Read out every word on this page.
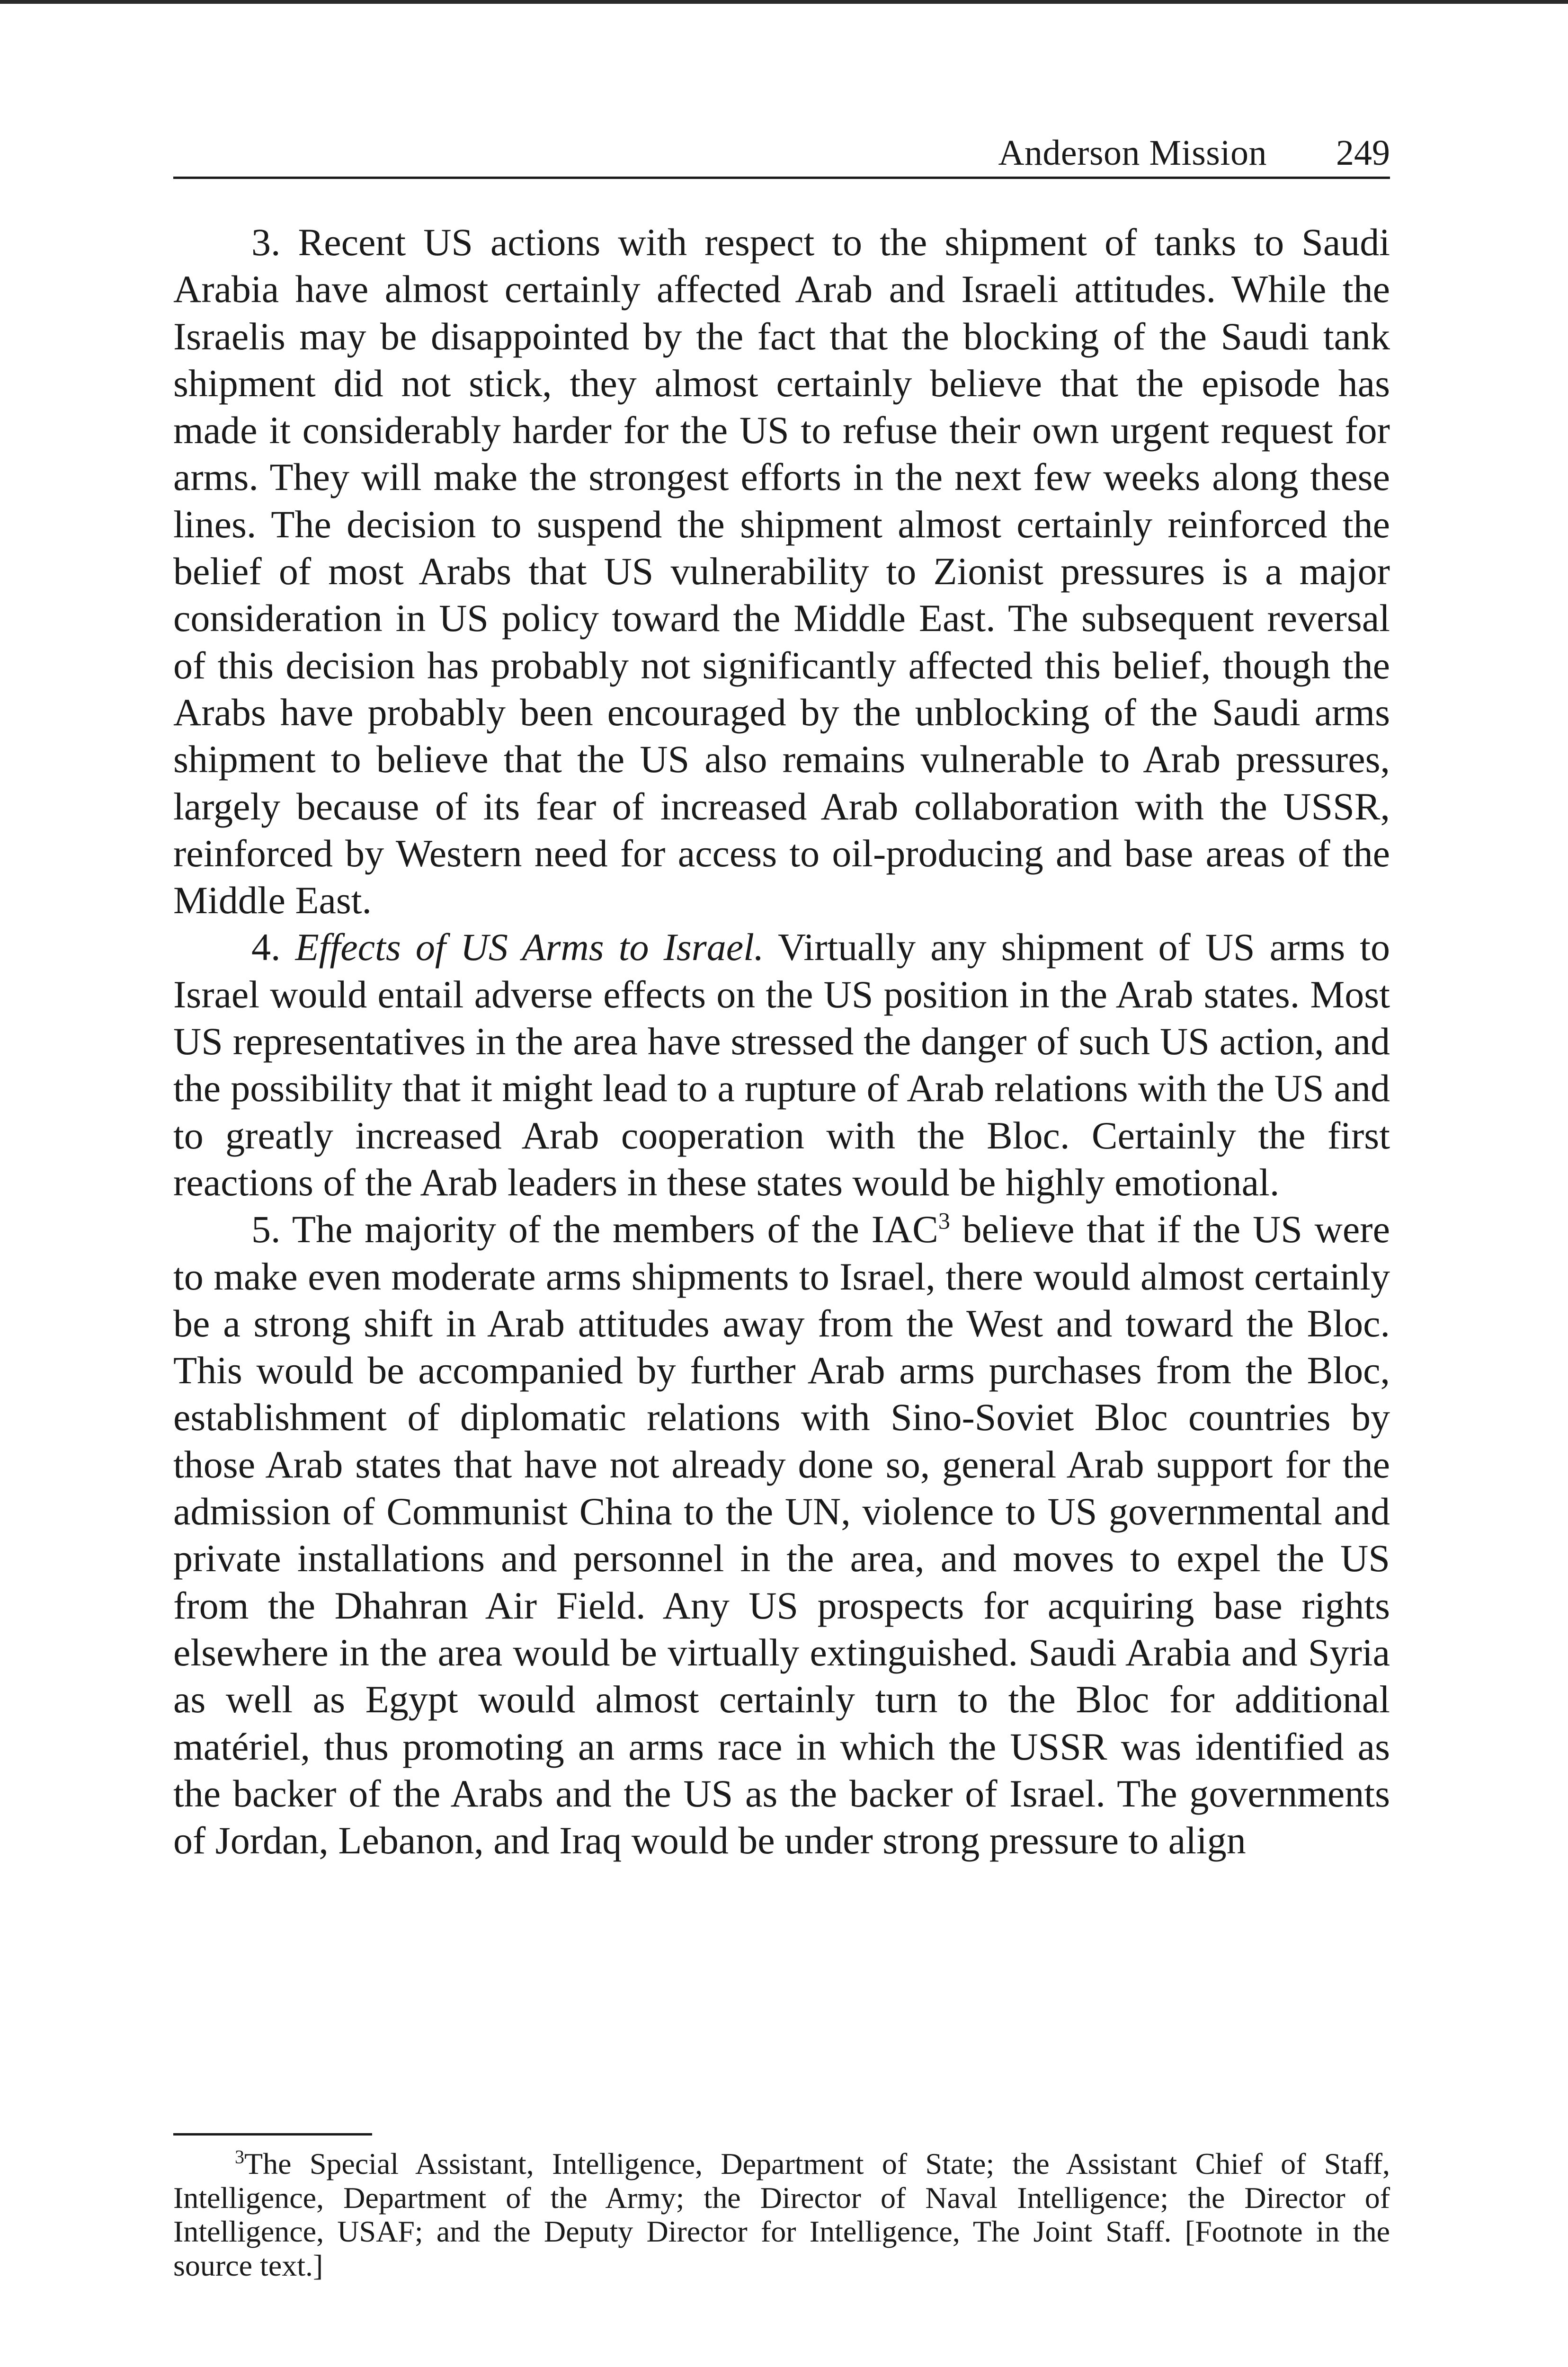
Anderson Mission 249

3. Recent US actions with respect to the shipment of tanks to Saudi Arabia have almost certainly affected Arab and Israeli attitudes. While the Israelis may be disappointed by the fact that the blocking of the Saudi tank shipment did not stick, they almost certainly believe that the episode has made it considerably harder for the US to refuse their own urgent request for arms. They will make the strongest efforts in the next few weeks along these lines. The decision to suspend the shipment almost certainly reinforced the belief of most Arabs that US vulnerability to Zionist pressures is a major consideration in US policy toward the Middle East. The subsequent reversal of this decision has probably not significantly affected this belief, though the Arabs have probably been encouraged by the unblocking of the Saudi arms shipment to believe that the US also remains vulnerable to Arab pressures, largely because of its fear of increased Arab collaboration with the USSR, reinforced by Western need for access to oil-producing and base areas of the Middle East.

4. Effects of US Arms to Israel. Virtually any shipment of US arms to Israel would entail adverse effects on the US position in the Arab states. Most US representatives in the area have stressed the danger of such US action, and the possibility that it might lead to a rupture of Arab relations with the US and to greatly increased Arab cooperation with the Bloc. Certainly the first reactions of the Arab leaders in these states would be highly emotional.

5. The majority of the members of the IAC$^3$ believe that if the US were to make even moderate arms shipments to Israel, there would almost certainly be a strong shift in Arab attitudes away from the West and toward the Bloc. This would be accompanied by further Arab arms purchases from the Bloc, establishment of diplomatic relations with Sino-Soviet Bloc countries by those Arab states that have not already done so, general Arab support for the admission of Communist China to the UN, violence to US governmental and private installations and personnel in the area, and moves to expel the US from the Dhahran Air Field. Any US prospects for acquiring base rights elsewhere in the area would be virtually extinguished. Saudi Arabia and Syria as well as Egypt would almost certainly turn to the Bloc for additional matériel, thus promoting an arms race in which the USSR was identified as the backer of the Arabs and the US as the backer of Israel. The governments of Jordan, Lebanon, and Iraq would be under strong pressure to align

$^3$The Special Assistant, Intelligence, Department of State; the Assistant Chief of Staff, Intelligence, Department of the Army; the Director of Naval Intelligence; the Director of Intelligence, USAF; and the Deputy Director for Intelligence, The Joint Staff. [Footnote in the source text.]
